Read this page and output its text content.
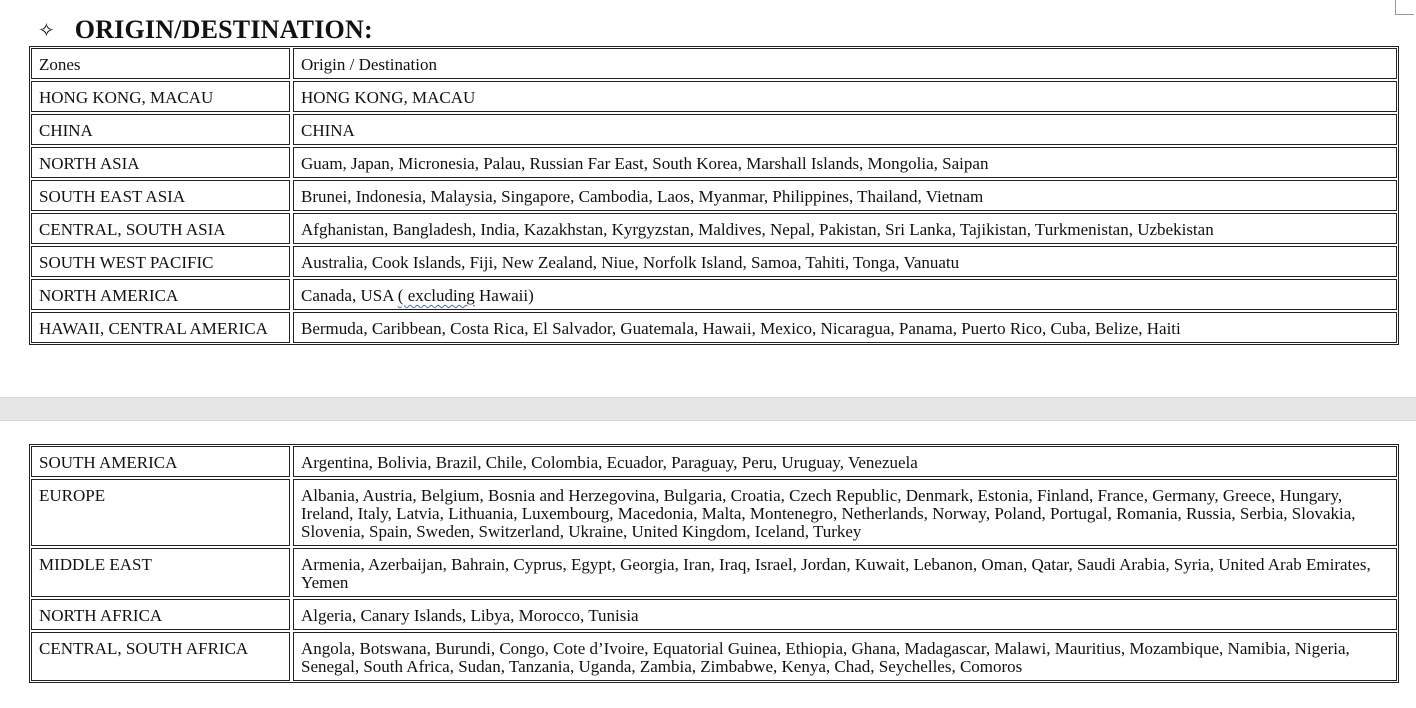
✧ ORIGIN/DESTINATION:
Zones	Origin / Destination
HONG KONG, MACAU	HONG KONG, MACAU
CHINA	CHINA
NORTH ASIA	Guam, Japan, Micronesia, Palau, Russian Far East, South Korea, Marshall Islands, Mongolia, Saipan
SOUTH EAST ASIA	Brunei, Indonesia, Malaysia, Singapore, Cambodia, Laos, Myanmar, Philippines, Thailand, Vietnam
CENTRAL, SOUTH ASIA	Afghanistan, Bangladesh, India, Kazakhstan, Kyrgyzstan, Maldives, Nepal, Pakistan, Sri Lanka, Tajikistan, Turkmenistan, Uzbekistan
SOUTH WEST PACIFIC	Australia, Cook Islands, Fiji, New Zealand, Niue, Norfolk Island, Samoa, Tahiti, Tonga, Vanuatu
NORTH AMERICA	Canada, USA ( excluding Hawaii)
HAWAII, CENTRAL AMERICA	Bermuda, Caribbean, Costa Rica, El Salvador, Guatemala, Hawaii, Mexico, Nicaragua, Panama, Puerto Rico, Cuba, Belize, Haiti
SOUTH AMERICA	Argentina, Bolivia, Brazil, Chile, Colombia, Ecuador, Paraguay, Peru, Uruguay, Venezuela
EUROPE	Albania, Austria, Belgium, Bosnia and Herzegovina, Bulgaria, Croatia, Czech Republic, Denmark, Estonia, Finland, France, Germany, Greece, Hungary, Ireland, Italy, Latvia, Lithuania, Luxembourg, Macedonia, Malta, Montenegro, Netherlands, Norway, Poland, Portugal, Romania, Russia, Serbia, Slovakia, Slovenia, Spain, Sweden, Switzerland, Ukraine, United Kingdom, Iceland, Turkey
MIDDLE EAST	Armenia, Azerbaijan, Bahrain, Cyprus, Egypt, Georgia, Iran, Iraq, Israel, Jordan, Kuwait, Lebanon, Oman, Qatar, Saudi Arabia, Syria, United Arab Emirates, Yemen
NORTH AFRICA	Algeria, Canary Islands, Libya, Morocco, Tunisia
CENTRAL, SOUTH AFRICA	Angola, Botswana, Burundi, Congo, Cote d’Ivoire, Equatorial Guinea, Ethiopia, Ghana, Madagascar, Malawi, Mauritius, Mozambique, Namibia, Nigeria, Senegal, South Africa, Sudan, Tanzania, Uganda, Zambia, Zimbabwe, Kenya, Chad, Seychelles, Comoros
